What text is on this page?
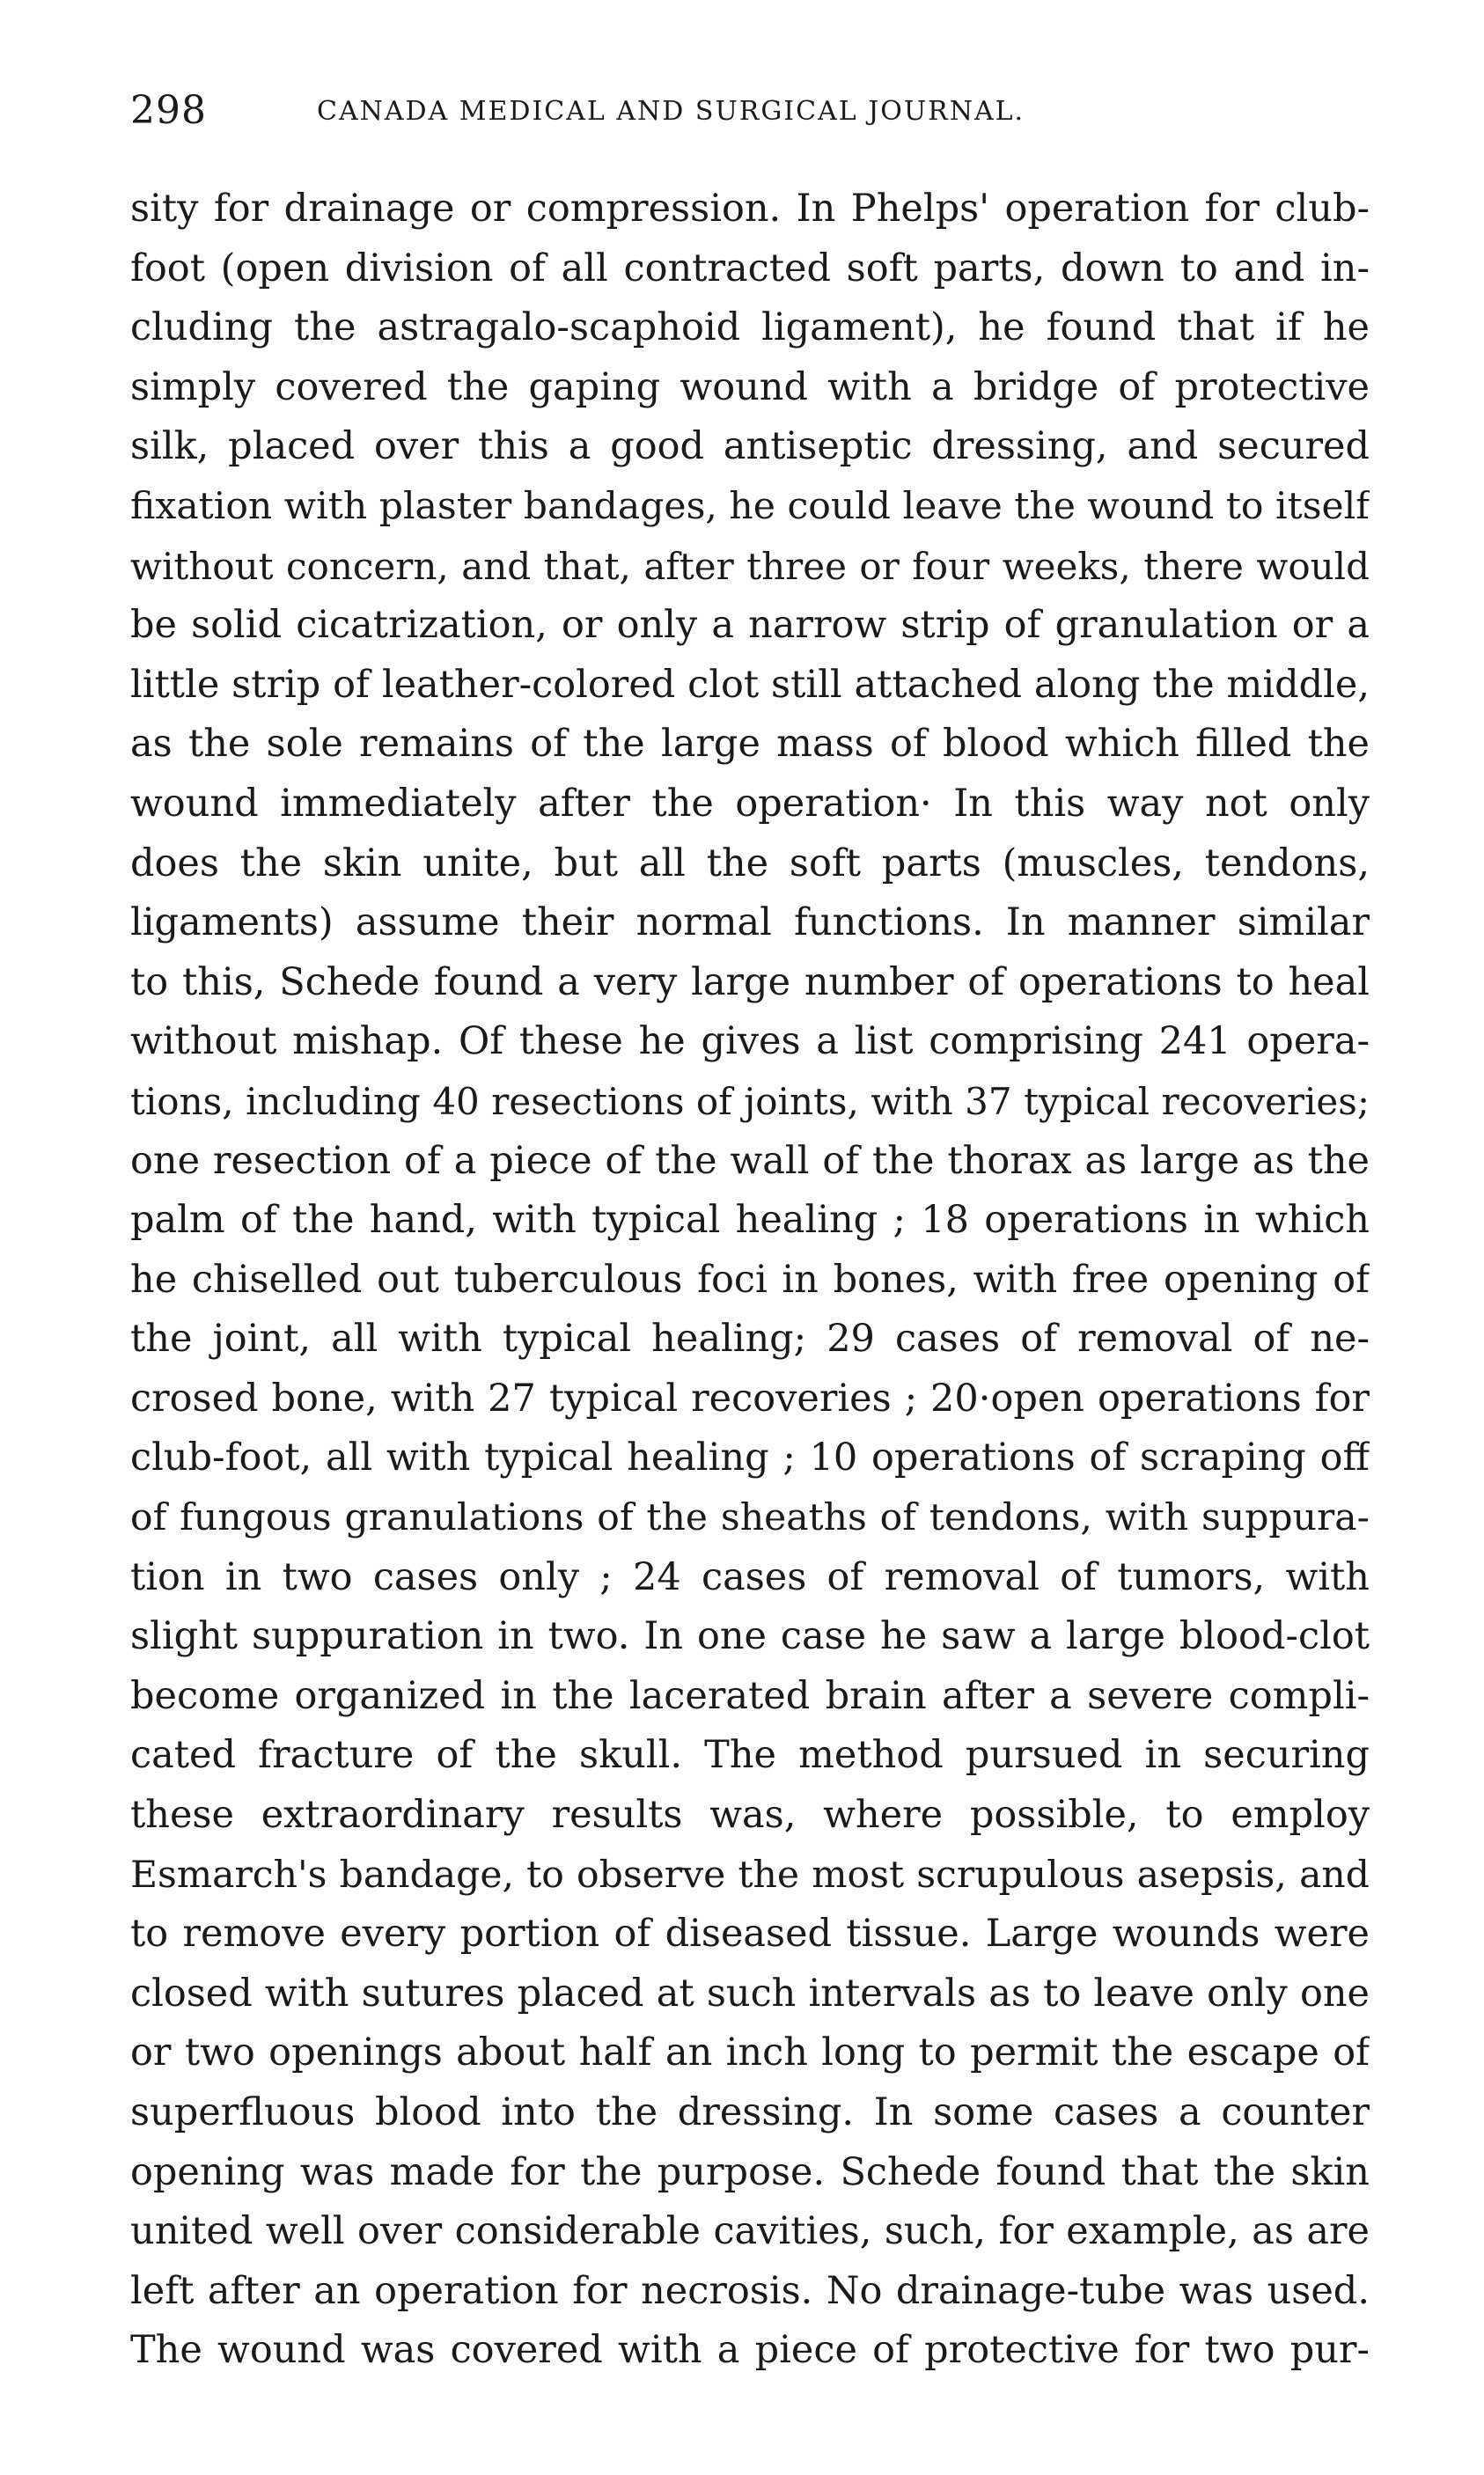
298	CANADA MEDICAL AND SURGICAL JOURNAL.
sity for drainage or compression. In Phelps' operation for club-
foot (open division of all contracted soft parts, down to and in-
cluding the astragalo-scaphoid ligament), he found that if he
simply covered the gaping wound with a bridge of protective
silk, placed over this a good antiseptic dressing, and secured
fixation with plaster bandages, he could leave the wound to itself
without concern, and that, after three or four weeks, there would
be solid cicatrization, or only a narrow strip of granulation or a
little strip of leather-colored clot still attached along the middle,
as the sole remains of the large mass of blood which filled the
wound immediately after the operation· In this way not only
does the skin unite, but all the soft parts (muscles, tendons,
ligaments) assume their normal functions. In manner similar
to this, Schede found a very large number of operations to heal
without mishap. Of these he gives a list comprising 241 opera-
tions, including 40 resections of joints, with 37 typical recoveries;
one resection of a piece of the wall of the thorax as large as the
palm of the hand, with typical healing ; 18 operations in which
he chiselled out tuberculous foci in bones, with free opening of
the joint, all with typical healing; 29 cases of removal of ne-
crosed bone, with 27 typical recoveries ; 20·open operations for
club-foot, all with typical healing ; 10 operations of scraping off
of fungous granulations of the sheaths of tendons, with suppura-
tion in two cases only ; 24 cases of removal of tumors, with
slight suppuration in two. In one case he saw a large blood-clot
become organized in the lacerated brain after a severe compli-
cated fracture of the skull. The method pursued in securing
these extraordinary results was, where possible, to employ
Esmarch's bandage, to observe the most scrupulous asepsis, and
to remove every portion of diseased tissue. Large wounds were
closed with sutures placed at such intervals as to leave only one
or two openings about half an inch long to permit the escape of
superfluous blood into the dressing. In some cases a counter
opening was made for the purpose. Schede found that the skin
united well over considerable cavities, such, for example, as are
left after an operation for necrosis. No drainage-tube was used.
The wound was covered with a piece of protective for two pur-
